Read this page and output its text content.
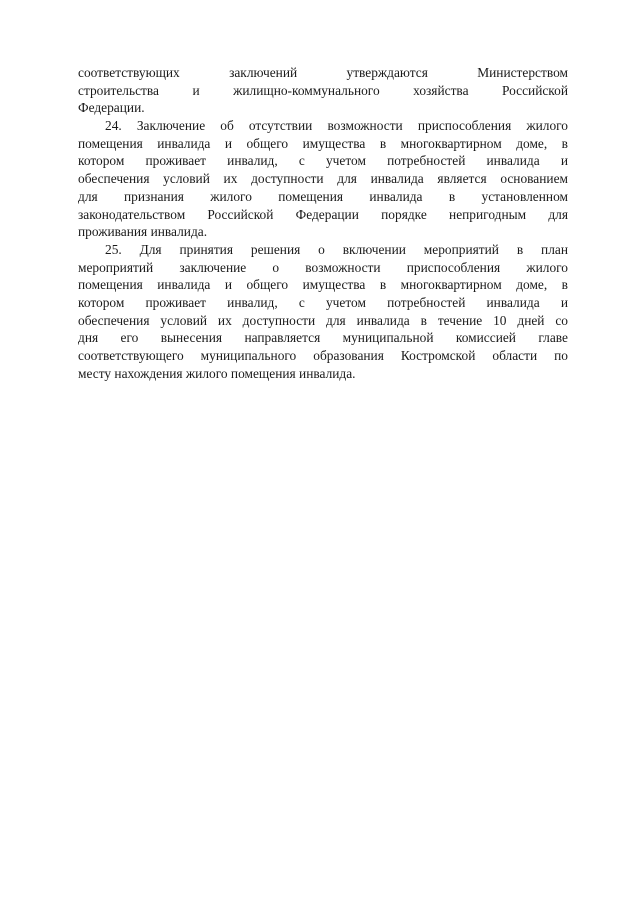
соответствующих заключений утверждаются Министерством
строительства и жилищно-коммунального хозяйства Российской
Федерации.
24. Заключение об отсутствии возможности приспособления жилого
помещения инвалида и общего имущества в многоквартирном доме, в
котором проживает инвалид, с учетом потребностей инвалида и
обеспечения условий их доступности для инвалида является основанием
для признания жилого помещения инвалида в установленном
законодательством Российской Федерации порядке непригодным для
проживания инвалида.
25. Для принятия решения о включении мероприятий в план
мероприятий заключение о возможности приспособления жилого
помещения инвалида и общего имущества в многоквартирном доме, в
котором проживает инвалид, с учетом потребностей инвалида и
обеспечения условий их доступности для инвалида в течение 10 дней со
дня его вынесения направляется муниципальной комиссией главе
соответствующего муниципального образования Костромской области по
месту нахождения жилого помещения инвалида.
